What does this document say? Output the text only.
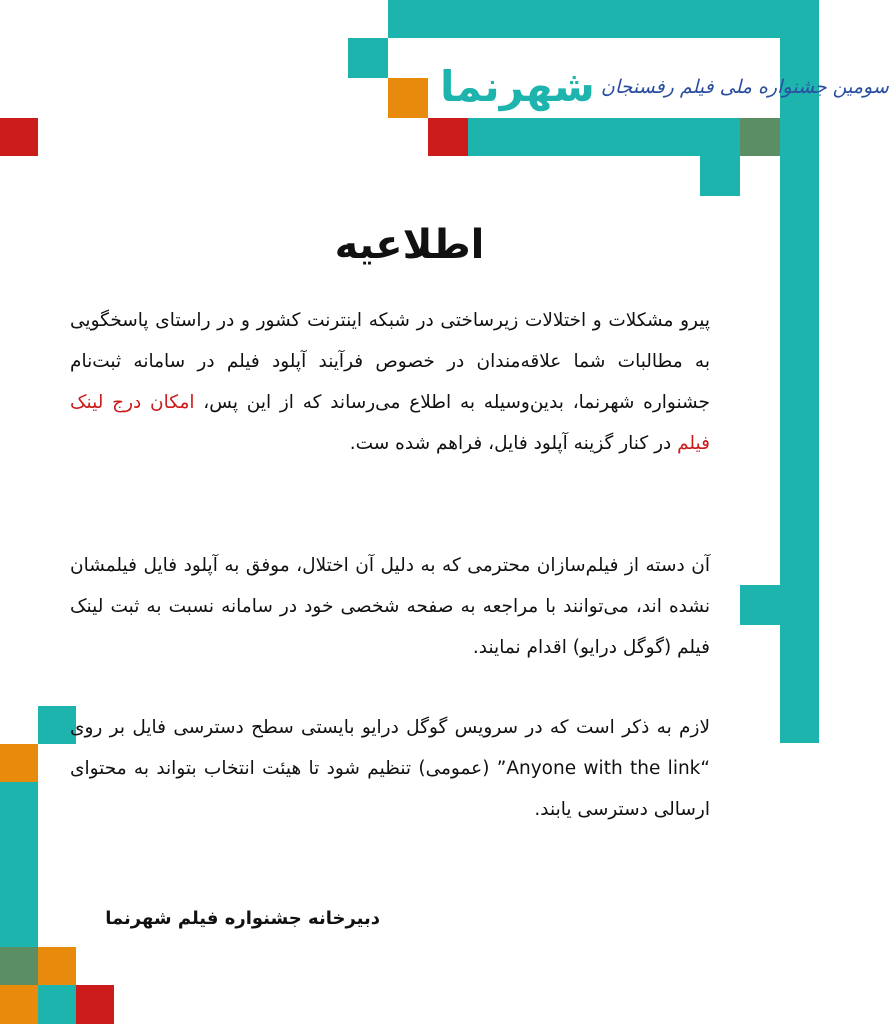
شهرنما سومین جشنواره ملی فیلم رفسنجان
اطلاعیه

پیرو مشکلات و اختلالات زیرساختی در شبکه اینترنت کشور و در راستای پاسخگویی به مطالبات شما علاقه‌مندان در خصوص فرآیند آپلود فیلم در سامانه ثبت‌نام جشنواره شهرنما، بدین‌وسیله به اطلاع می‌رساند که از این پس، امکان درج لینک فیلم در کنار گزینه آپلود فایل، فراهم شده ست.

آن دسته از فیلم‌سازان محترمی که به دلیل آن اختلال، موفق به آپلود فایل فیلمشان نشده اند، می‌توانند با مراجعه به صفحه شخصی خود در سامانه نسبت به ثبت لینک فیلم (گوگل درایو) اقدام نمایند.

لازم به ذکر است که در سرویس گوگل درایو بایستی سطح دسترسی فایل بر روی “Anyone with the link” (عمومی) تنظیم شود تا هیئت انتخاب بتواند به محتوای ارسالی دسترسی یابند.

دبیرخانه جشنواره فیلم شهرنما
